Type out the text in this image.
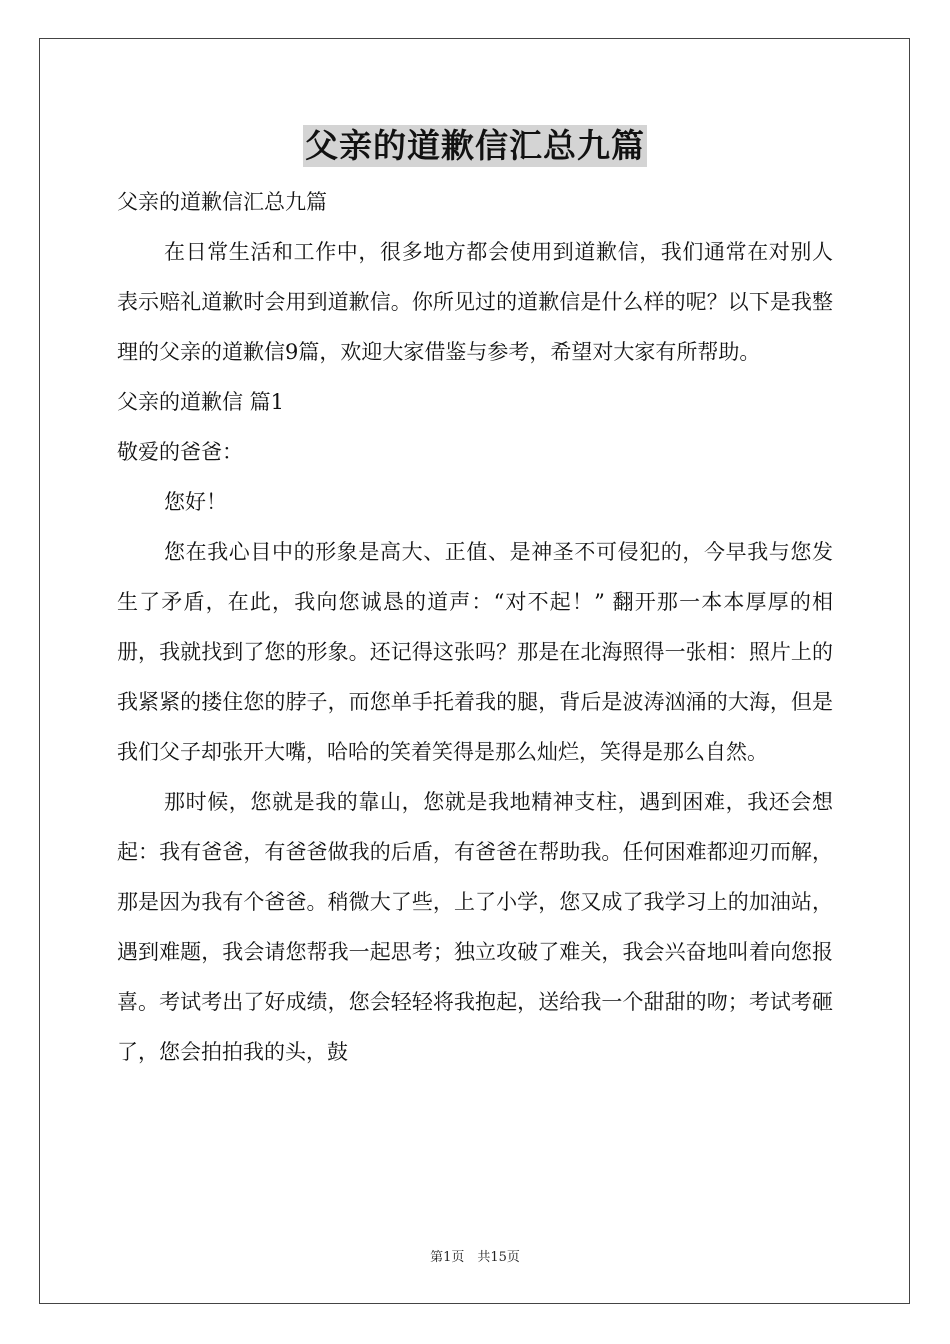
父亲的道歉信汇总九篇

父亲的道歉信汇总九篇

在日常生活和工作中，很多地方都会使用到道歉信，我们通常在对别人表示赔礼道歉时会用到道歉信。你所见过的道歉信是什么样的呢？以下是我整理的父亲的道歉信9篇，欢迎大家借鉴与参考，希望对大家有所帮助。

父亲的道歉信 篇1

敬爱的爸爸：

您好！

您在我心目中的形象是高大、正值、是神圣不可侵犯的，今早我与您发生了矛盾，在此，我向您诚恳的道声：“对不起！” 翻开那一本本厚厚的相册，我就找到了您的形象。还记得这张吗？那是在北海照得一张相：照片上的我紧紧的搂住您的脖子，而您单手托着我的腿，背后是波涛汹涌的大海，但是我们父子却张开大嘴，哈哈的笑着笑得是那么灿烂，笑得是那么自然。

那时候，您就是我的靠山，您就是我地精神支柱，遇到困难，我还会想起：我有爸爸，有爸爸做我的后盾，有爸爸在帮助我。任何困难都迎刃而解，那是因为我有个爸爸。稍微大了些，上了小学，您又成了我学习上的加油站，遇到难题，我会请您帮我一起思考；独立攻破了难关，我会兴奋地叫着向您报喜。考试考出了好成绩，您会轻轻将我抱起，送给我一个甜甜的吻；考试考砸了，您会拍拍我的头，鼓

第1页　共15页
